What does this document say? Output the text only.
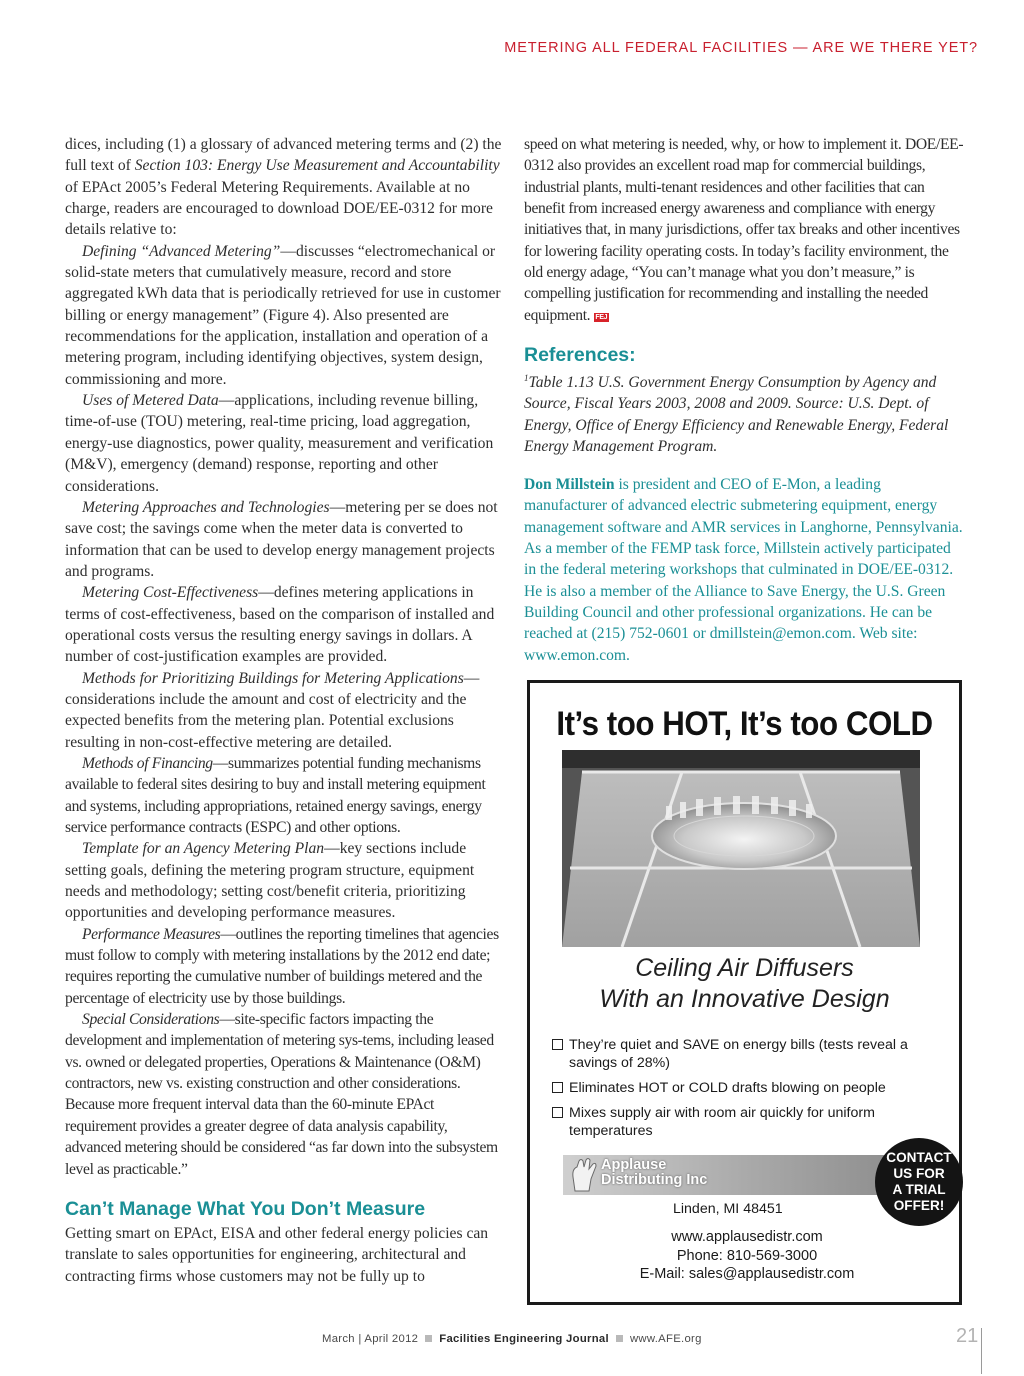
METERING ALL FEDERAL FACILITIES — ARE WE THERE YET?

dices, including (1) a glossary of advanced metering terms and (2) the full text of Section 103: Energy Use Measurement and Accountability of EPAct 2005’s Federal Metering Requirements. Available at no charge, readers are encouraged to download DOE/EE-0312 for more details relative to:

Defining “Advanced Metering”—discusses “electromechanical or solid-state meters that cumulatively measure, record and store aggregated kWh data that is periodically retrieved for use in customer billing or energy management” (Figure 4). Also presented are recommendations for the application, installation and operation of a metering program, including identifying objectives, system design, commissioning and more.

Uses of Metered Data—applications, including revenue billing, time-of-use (TOU) metering, real-time pricing, load aggregation, energy-use diagnostics, power quality, measurement and verification (M&V), emergency (demand) response, reporting and other considerations.

Metering Approaches and Technologies—metering per se does not save cost; the savings come when the meter data is converted to information that can be used to develop energy management projects and programs.

Metering Cost-Effectiveness—defines metering applications in terms of cost-effectiveness, based on the comparison of installed and operational costs versus the resulting energy savings in dollars. A number of cost-justification examples are provided.

Methods for Prioritizing Buildings for Metering Applications—considerations include the amount and cost of electricity and the expected benefits from the metering plan. Potential exclusions resulting in non-cost-effective metering are detailed.

Methods of Financing—summarizes potential funding mechanisms available to federal sites desiring to buy and install metering equipment and systems, including appropriations, retained energy savings, energy service performance contracts (ESPC) and other options.

Template for an Agency Metering Plan—key sections include setting goals, defining the metering program structure, equipment needs and methodology; setting cost/benefit criteria, prioritizing opportunities and developing performance measures.

Performance Measures—outlines the reporting timelines that agencies must follow to comply with metering installations by the 2012 end date; requires reporting the cumulative number of buildings metered and the percentage of electricity use by those buildings.

Special Considerations—site-specific factors impacting the development and implementation of metering sys-tems, including leased vs. owned or delegated properties, Operations & Maintenance (O&M) contractors, new vs. existing construction and other considerations. Because more frequent interval data than the 60-minute EPAct requirement provides a greater degree of data analysis capability, advanced metering should be considered “as far down into the subsystem level as practicable.”

Can’t Manage What You Don’t Measure

Getting smart on EPAct, EISA and other federal energy policies can translate to sales opportunities for engineering, architectural and contracting firms whose customers may not be fully up to

speed on what metering is needed, why, or how to implement it. DOE/EE-0312 also provides an excellent road map for commercial buildings, industrial plants, multi-tenant residences and other facilities that can benefit from increased energy awareness and compliance with energy initiatives that, in many jurisdictions, offer tax breaks and other incentives for lowering facility operating costs. In today’s facility environment, the old energy adage, “You can’t manage what you don’t measure,” is compelling justification for recommending and installing the needed equipment. FEJ

References:
$^1$Table 1.13 U.S. Government Energy Consumption by Agency and Source, Fiscal Years 2003, 2008 and 2009. Source: U.S. Dept. of Energy, Office of Energy Efficiency and Renewable Energy, Federal Energy Management Program.
Don Millstein is president and CEO of E-Mon, a leading manufacturer of advanced electric submetering equipment, energy management software and AMR services in Langhorne, Pennsylvania. As a member of the FEMP task force, Millstein actively participated in the federal metering workshops that culminated in DOE/EE-0312. He is also a member of the Alliance to Save Energy, the U.S. Green Building Council and other professional organizations. He can be reached at (215) 752-0601 or dmillstein@emon.com. Web site: www.emon.com.
It’s too HOT, It’s too COLD
Ceiling Air Diffusers
With an Innovative Design
They’re quiet and SAVE on energy bills (tests reveal a savings of 28%)
Eliminates HOT or COLD drafts blowing on people
Mixes supply air with room air quickly for uniform temperatures
Applause
Distributing Inc
Linden, MI 48451
www.applausedistr.com
Phone: 810-569-3000
E-Mail: sales@applausedistr.com
CONTACT
US FOR
A TRIAL
OFFER!
March | April 2012 Facilities Engineering Journal www.AFE.org	21
